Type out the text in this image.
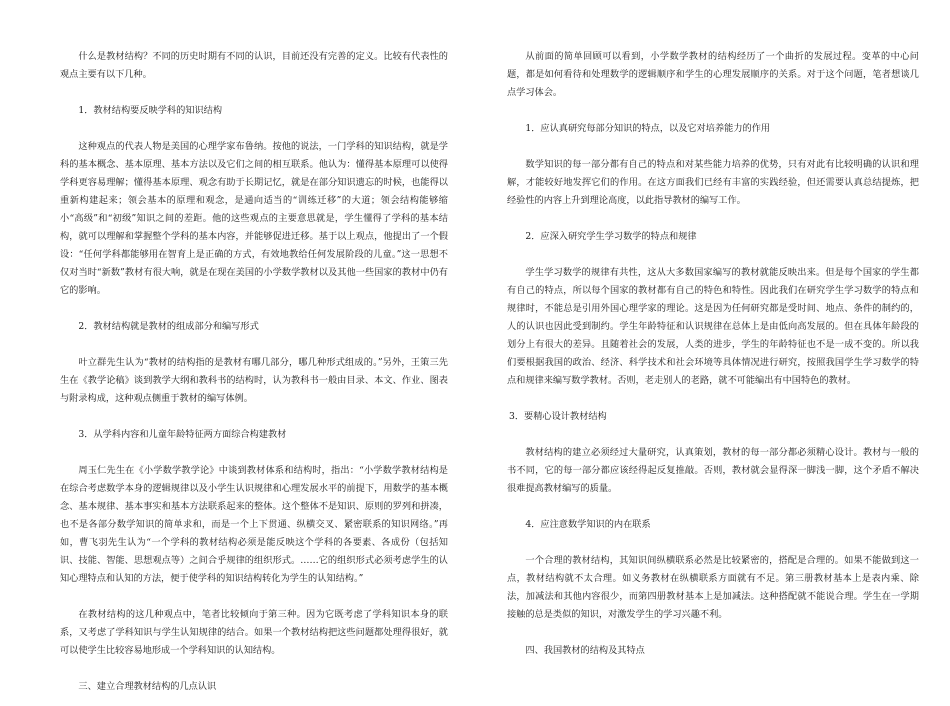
什么是教材结构？不同的历史时期有不同的认识，目前还没有完善的定义。比较有代表性的观点主要有以下几种。

1．教材结构要反映学科的知识结构

这种观点的代表人物是美国的心理学家布鲁纳。按他的说法，一门学科的知识结构，就是学科的基本概念、基本原理、基本方法以及它们之间的相互联系。他认为：懂得基本原理可以使得学科更容易理解；懂得基本原理、观念有助于长期记忆，就是在部分知识遗忘的时候，也能得以重新构建起来；领会基本的原理和观念，是通向适当的“训练迁移”的大道；领会结构能够缩小“高级”和“初级”知识之间的差距。他的这些观点的主要意思就是，学生懂得了学科的基本结构，就可以理解和掌握整个学科的基本内容，并能够促进迁移。基于以上观点，他提出了一个假设：“任何学科都能够用在智育上是正确的方式，有效地教给任何发展阶段的儿童。”这一思想不仅对当时“新数”教材有很大响，就是在现在美国的小学数学教材以及其他一些国家的教材中仍有它的影响。

2．教材结构就是教材的组成部分和编写形式

叶立群先生认为“教材的结构指的是教材有哪几部分，哪几种形式组成的。”另外，王策三先生在《教学论稿》谈到教学大纲和教科书的结构时，认为教科书一般由目录、本文、作业、图表与附录构成，这种观点侧重于教材的编写体例。

3．从学科内容和儿童年龄特征两方面综合构建教材

周玉仁先生在《小学数学教学论》中谈到教材体系和结构时，指出：“小学数学教材结构是在综合考虑数学本身的逻辑规律以及小学生认识规律和心理发展水平的前提下，用数学的基本概念、基本规律、基本事实和基本方法联系起来的整体。这个整体不是知识、原则的罗列和拼凑，也不是各部分数学知识的简单求和，而是一个上下贯通、纵横交叉、紧密联系的知识网络。”再如，曹飞羽先生认为“一个学科的教材结构必须是能反映这个学科的各要素、各成份（包括知识、技能、智能、思想观点等）之间合乎规律的组织形式。……它的组织形式必须考虑学生的认知心理特点和认知的方法，便于使学科的知识结构转化为学生的认知结构。”

在教材结构的这几种观点中，笔者比较倾向于第三种。因为它既考虑了学科知识本身的联系，又考虑了学科知识与学生认知规律的结合。如果一个教材结构把这些问题都处理得很好，就可以使学生比较容易地形成一个学科知识的认知结构。

三、建立合理教材结构的几点认识

从前面的简单回顾可以看到，小学数学教材的结构经历了一个曲折的发展过程。变革的中心问题，都是如何看待和处理数学的逻辑顺序和学生的心理发展顺序的关系。对于这个问题，笔者想谈几点学习体会。

1．应认真研究每部分知识的特点，以及它对培养能力的作用

数学知识的每一部分都有自己的特点和对某些能力培养的优势，只有对此有比较明确的认识和理解，才能较好地发挥它们的作用。在这方面我们已经有丰富的实践经验，但还需要认真总结提炼，把经验性的内容上升到理论高度，以此指导教材的编写工作。

2．应深入研究学生学习数学的特点和规律

学生学习数学的规律有共性，这从大多数国家编写的教材就能反映出来。但是每个国家的学生都有自己的特点，所以每个国家的教材都有自己的特色和特性。因此我们在研究学生学习数学的特点和规律时，不能总是引用外国心理学家的理论。这是因为任何研究都是受时间、地点、条件的制约的，人的认识也因此受到制约。学生年龄特征和认识规律在总体上是由低向高发展的。但在具体年龄段的划分上有很大的差异。且随着社会的发展，人类的进步，学生的年龄特征也不是一成不变的。所以我们要根据我国的政治、经济、科学技术和社会环境等具体情况进行研究，按照我国学生学习数学的特点和规律来编写数学教材。否则，老走别人的老路，就不可能编出有中国特色的教材。

3．要精心设计教材结构

教材结构的建立必须经过大量研究，认真策划，教材的每一部分都必须精心设计。教材与一般的书不同，它的每一部分都应该经得起反复推敲。否则，教材就会显得深一脚浅一脚，这个矛盾不解决很难提高教材编写的质量。

4．应注意数学知识的内在联系

一个合理的教材结构，其知识间纵横联系必然是比较紧密的，搭配是合理的。如果不能做到这一点，教材结构就不太合理。如义务教材在纵横联系方面就有不足。第三册教材基本上是表内乘、除法，加减法和其他内容很少，而第四册教材基本上是加减法。这种搭配就不能说合理。学生在一学期接触的总是类似的知识，对激发学生的学习兴趣不利。

四、我国教材的结构及其特点
